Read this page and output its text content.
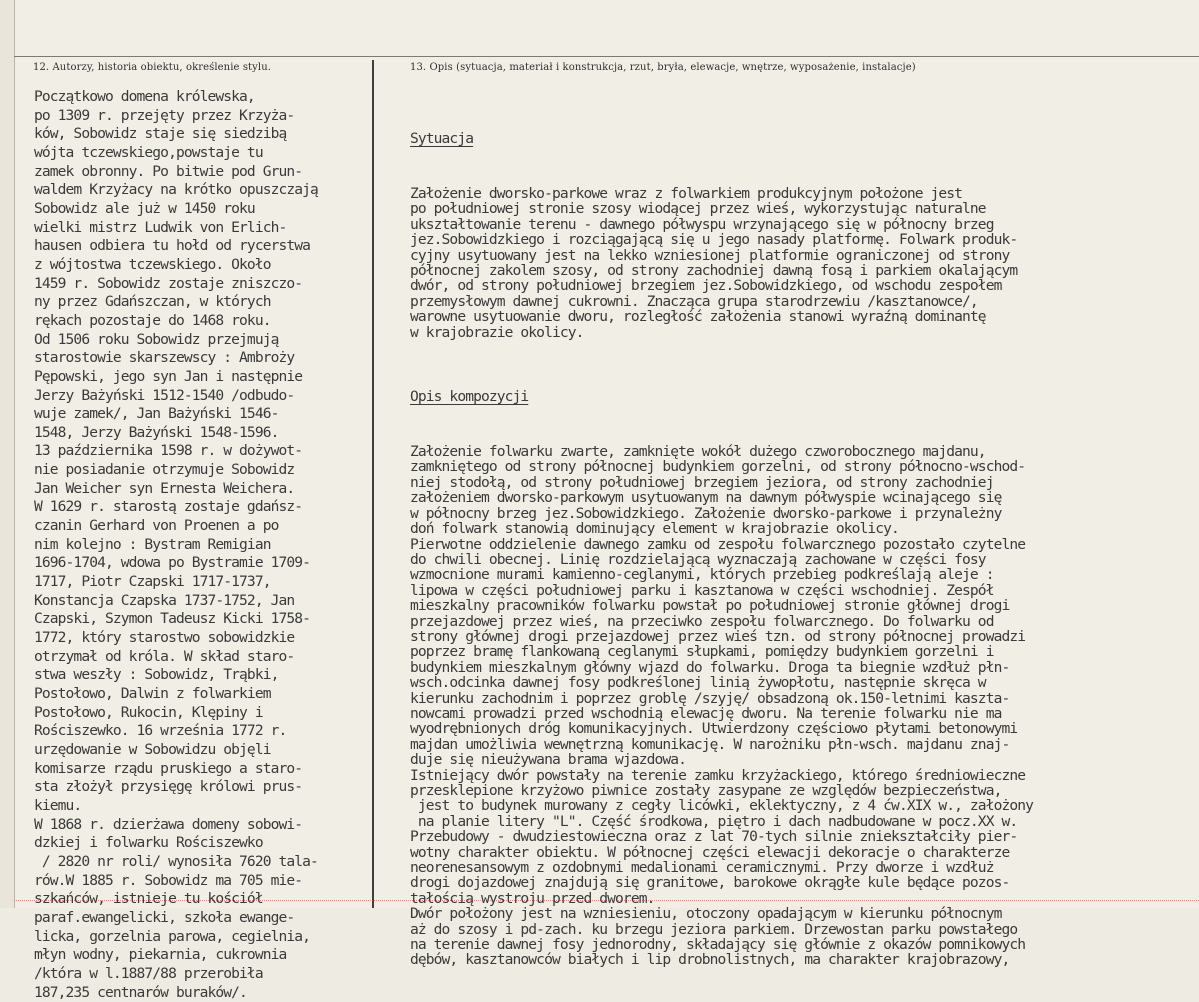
12. Autorzy, historia obiektu, określenie stylu.	13. Opis (sytuacja, materiał i konstrukcja, rzut, bryła, elewacje, wnętrze, wyposażenie, instalacje)
Początkowo domena królewska,
po 1309 r. przejęty przez Krzyża-
ków, Sobowidz staje się siedzibą
wójta tczewskiego,powstaje tu
zamek obronny. Po bitwie pod Grun-
waldem Krzyżacy na krótko opuszczają
Sobowidz ale już w 1450 roku
wielki mistrz Ludwik von Erlich-
hausen odbiera tu hołd od rycerstwa
z wójtostwa tczewskiego. Około
1459 r. Sobowidz zostaje zniszczo-
ny przez Gdańszczan, w których
rękach pozostaje do 1468 roku.
Od 1506 roku Sobowidz przejmują
starostowie skarszewscy : Ambroży
Pępowski, jego syn Jan i następnie
Jerzy Bażyński 1512-1540 /odbudo-
wuje zamek/, Jan Bażyński 1546-
1548, Jerzy Bażyński 1548-1596.
13 października 1598 r. w dożywot-
nie posiadanie otrzymuje Sobowidz
Jan Weicher syn Ernesta Weichera.
W 1629 r. starostą zostaje gdańsz-
czanin Gerhard von Proenen a po
nim kolejno : Bystram Remigian
1696-1704, wdowa po Bystramie 1709-
1717, Piotr Czapski 1717-1737,
Konstancja Czapska 1737-1752, Jan
Czapski, Szymon Tadeusz Kicki 1758-
1772, który starostwo sobowidzkie
otrzymał od króla. W skład staro-
stwa weszły : Sobowidz, Trąbki,
Postołowo, Dalwin z folwarkiem
Postołowo, Rukocin, Klępiny i
Rościszewko. 16 września 1772 r.
urzędowanie w Sobowidzu objęli
komisarze rządu pruskiego a staro-
sta złożył przysięgę królowi prus-
kiemu.
W 1868 r. dzierżawa domeny sobowi-
dzkiej i folwarku Rościszewko
/ 2820 nr roli/ wynosiła 7620 tala-
rów.W 1885 r. Sobowidz ma 705 mie-
szkańców, istnieje tu kościół
paraf.ewangelicki, szkoła ewange-
licka, gorzelnia parowa, cegielnia,
młyn wodny, piekarnia, cukrownia
/która w l.1887/88 przerobiła
187,235 centnarów buraków/.

Sytuacja

Założenie dworsko-parkowe wraz z folwarkiem produkcyjnym położone jest
po południowej stronie szosy wiodącej przez wieś, wykorzystując naturalne
ukształtowanie terenu - dawnego półwyspu wrzynającego się w północny brzeg
jez.Sobowidzkiego i rozciągającą się u jego nasady platformę. Folwark produk-
cyjny usytuowany jest na lekko wzniesionej platformie ograniczonej od strony
północnej zakolem szosy, od strony zachodniej dawną fosą i parkiem okalającym
dwór, od strony południowej brzegiem jez.Sobowidzkiego, od wschodu zespołem
przemysłowym dawnej cukrowni. Znacząca grupa starodrzewiu /kasztanowce/,
warowne usytuowanie dworu, rozległość założenia stanowi wyraźną dominantę
w krajobrazie okolicy.

Opis kompozycji

Założenie folwarku zwarte, zamknięte wokół dużego czworobocznego majdanu,
zamkniętego od strony północnej budynkiem gorzelni, od strony północno-wschod-
niej stodołą, od strony południowej brzegiem jeziora, od strony zachodniej
założeniem dworsko-parkowym usytuowanym na dawnym półwyspie wcinającego się
w północny brzeg jez.Sobowidzkiego. Założenie dworsko-parkowe i przynależny
doń folwark stanowią dominujący element w krajobrazie okolicy.
Pierwotne oddzielenie dawnego zamku od zespołu folwarcznego pozostało czytelne
do chwili obecnej. Linię rozdzielającą wyznaczają zachowane w części fosy
wzmocnione murami kamienno-ceglanymi, których przebieg podkreślają aleje :
lipowa w części południowej parku i kasztanowa w części wschodniej. Zespół
mieszkalny pracowników folwarku powstał po południowej stronie głównej drogi
przejazdowej przez wieś, na przeciwko zespołu folwarcznego. Do folwarku od
strony głównej drogi przejazdowej przez wieś tzn. od strony północnej prowadzi
poprzez bramę flankowaną ceglanymi słupkami, pomiędzy budynkiem gorzelni i
budynkiem mieszkalnym główny wjazd do folwarku. Droga ta biegnie wzdłuż płn-
wsch.odcinka dawnej fosy podkreślonej linią żywopłotu, następnie skręca w
kierunku zachodnim i poprzez groblę /szyję/ obsadzoną ok.150-letnimi kaszta-
nowcami prowadzi przed wschodnią elewację dworu. Na terenie folwarku nie ma
wyodrębnionych dróg komunikacyjnych. Utwierdzony częściowo płytami betonowymi
majdan umożliwia wewnętrzną komunikację. W narożniku płn-wsch. majdanu znaj-
duje się nieużywana brama wjazdowa.
Istniejący dwór powstały na terenie zamku krzyżackiego, którego średniowieczne
przesklepione krzyżowo piwnice zostały zasypane ze względów bezpieczeństwa,
jest to budynek murowany z cegły licówki, eklektyczny, z 4 ćw.XIX w., założony
na planie litery "L". Część środkowa, piętro i dach nadbudowane w pocz.XX w.
Przebudowy - dwudziestowieczna oraz z lat 70-tych silnie zniekształciły pier-
wotny charakter obiektu. W północnej części elewacji dekoracje o charakterze
neorenesansowym z ozdobnymi medalionami ceramicznymi. Przy dworze i wzdłuż
drogi dojazdowej znajdują się granitowe, barokowe okrągłe kule będące pozos-
tałością wystroju przed dworem.
Dwór położony jest na wzniesieniu, otoczony opadającym w kierunku północnym
aż do szosy i pd-zach. ku brzegu jeziora parkiem. Drzewostan parku powstałego
na terenie dawnej fosy jednorodny, składający się głównie z okazów pomnikowych
dębów, kasztanowców białych i lip drobnolistnych, ma charakter krajobrazowy,
